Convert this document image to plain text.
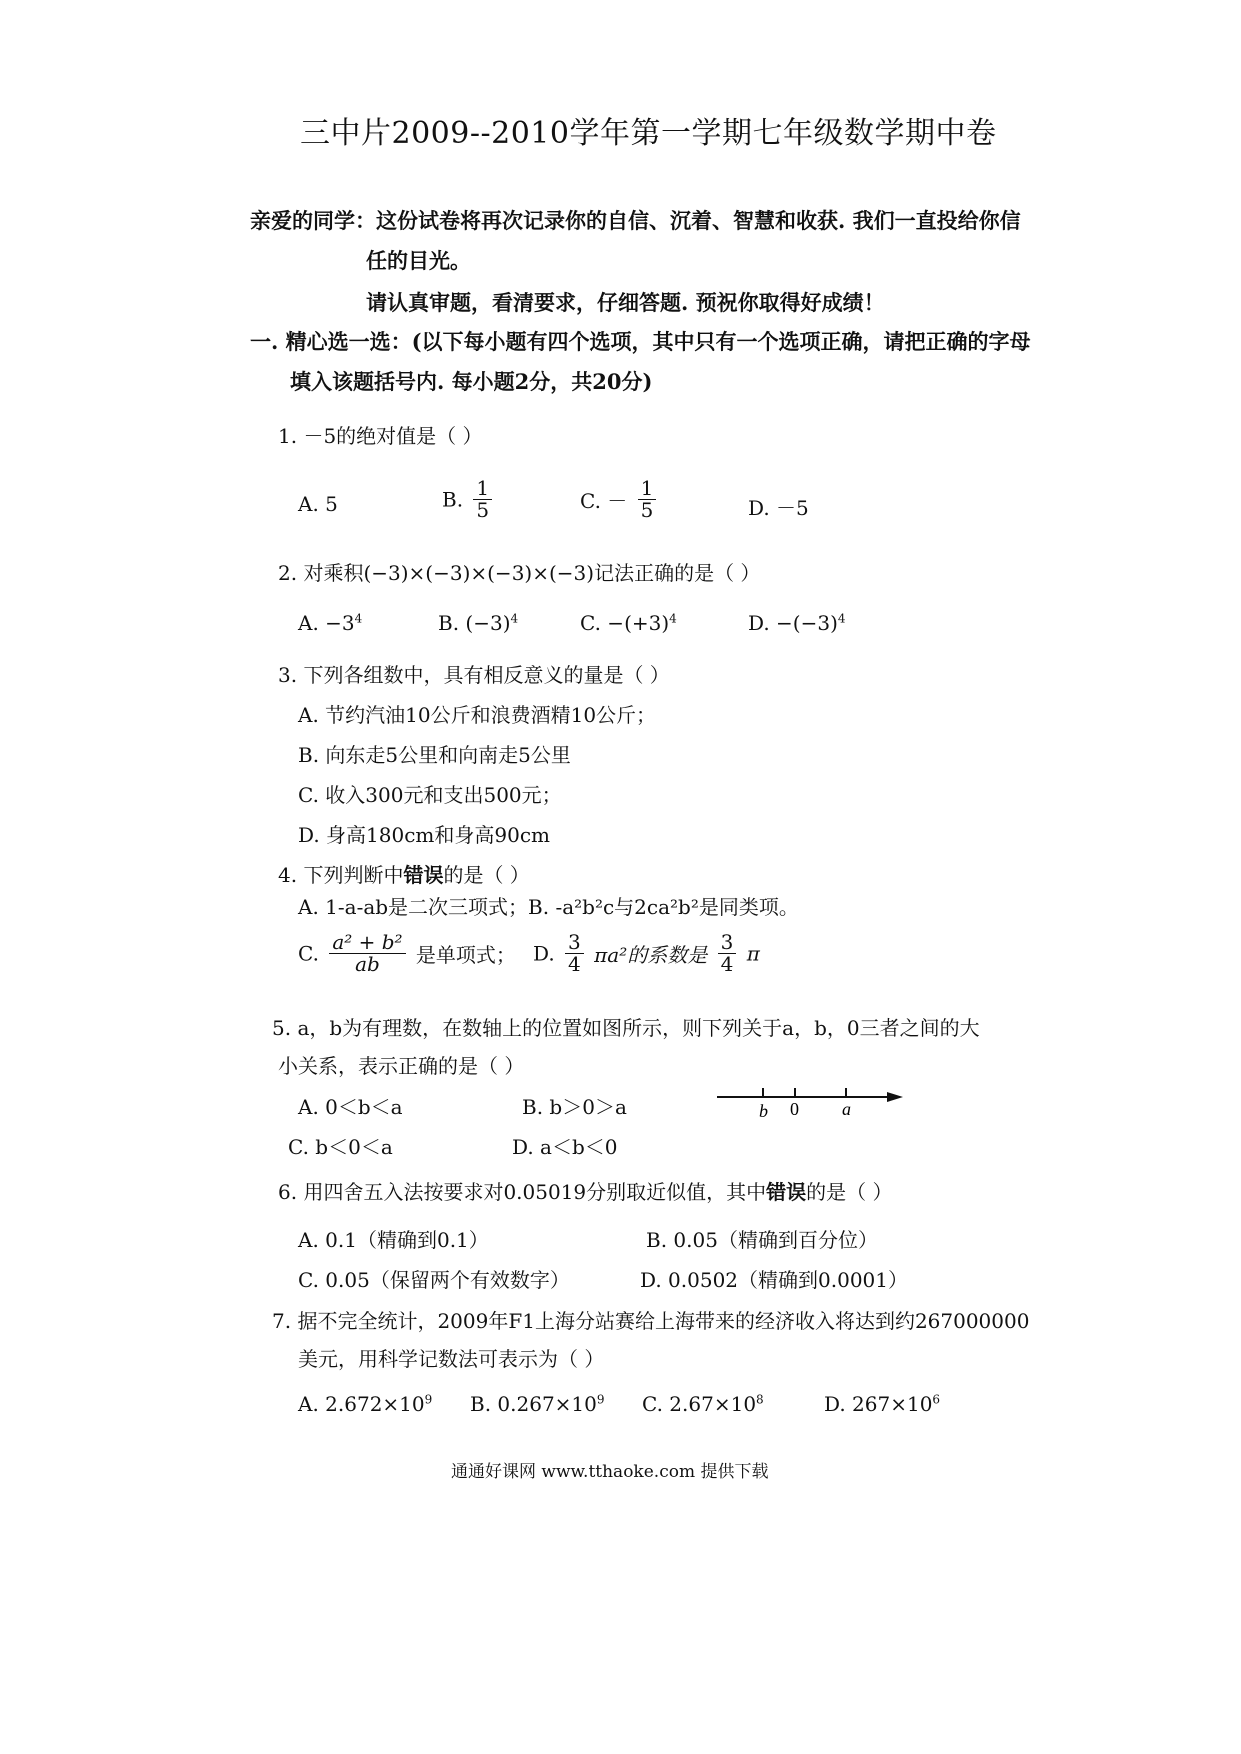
三中片2009--2010学年第一学期七年级数学期中卷
亲爱的同学：这份试卷将再次记录你的自信、沉着、智慧和收获. 我们一直投给你信
任的目光。
请认真审题，看清要求，仔细答题. 预祝你取得好成绩！
一. 精心选一选：(以下每小题有四个选项，其中只有一个选项正确，请把正确的字母
填入该题括号内. 每小题2分，共20分)
1. －5的绝对值是（ ）
A. 5	B. $\frac{1}{5}$	C. － $\frac{1}{5}$	D. －5
2. 对乘积(−3)×(−3)×(−3)×(−3)记法正确的是（ ）
A. $-3^4$	B. $(-3)^4$	C. $-(+3)^4$	D. $-(-3)^4$
3. 下列各组数中，具有相反意义的量是（ ）
A. 节约汽油10公斤和浪费酒精10公斤；
B. 向东走5公里和向南走5公里
C. 收入300元和支出500元；
D. 身高180cm和身高90cm
4. 下列判断中错误的是（ ）
A. 1-a-ab是二次三项式；B. -a²b²c与2ca²b²是同类项。
C. $\frac{\text{a² + b²}}{ab}$ 是单项式； D. $\frac{3}{4} \pi a^2$的系数是 $\frac{3}{4}$ π
5. a，b为有理数，在数轴上的位置如图所示，则下列关于a，b，0三者之间的大
小关系，表示正确的是（ ）
A. 0＜b＜a	B. b＞0＞a
C. b＜0＜a	D. a＜b＜0
b 0 a
6. 用四舍五入法按要求对0.05019分别取近似值，其中错误的是（ ）
A. 0.1（精确到0.1）	B. 0.05（精确到百分位）
C. 0.05（保留两个有效数字）	D. 0.0502（精确到0.0001）
7. 据不完全统计，2009年F1上海分站赛给上海带来的经济收入将达到约267000000
美元，用科学记数法可表示为（ ）
A. $2.672\times 10^9$ B. $0.267\times 10^9$ C. $2.67\times 10^8$	D. $267\times 10^6$
通通好课网 www.tthaoke.com 提供下载
